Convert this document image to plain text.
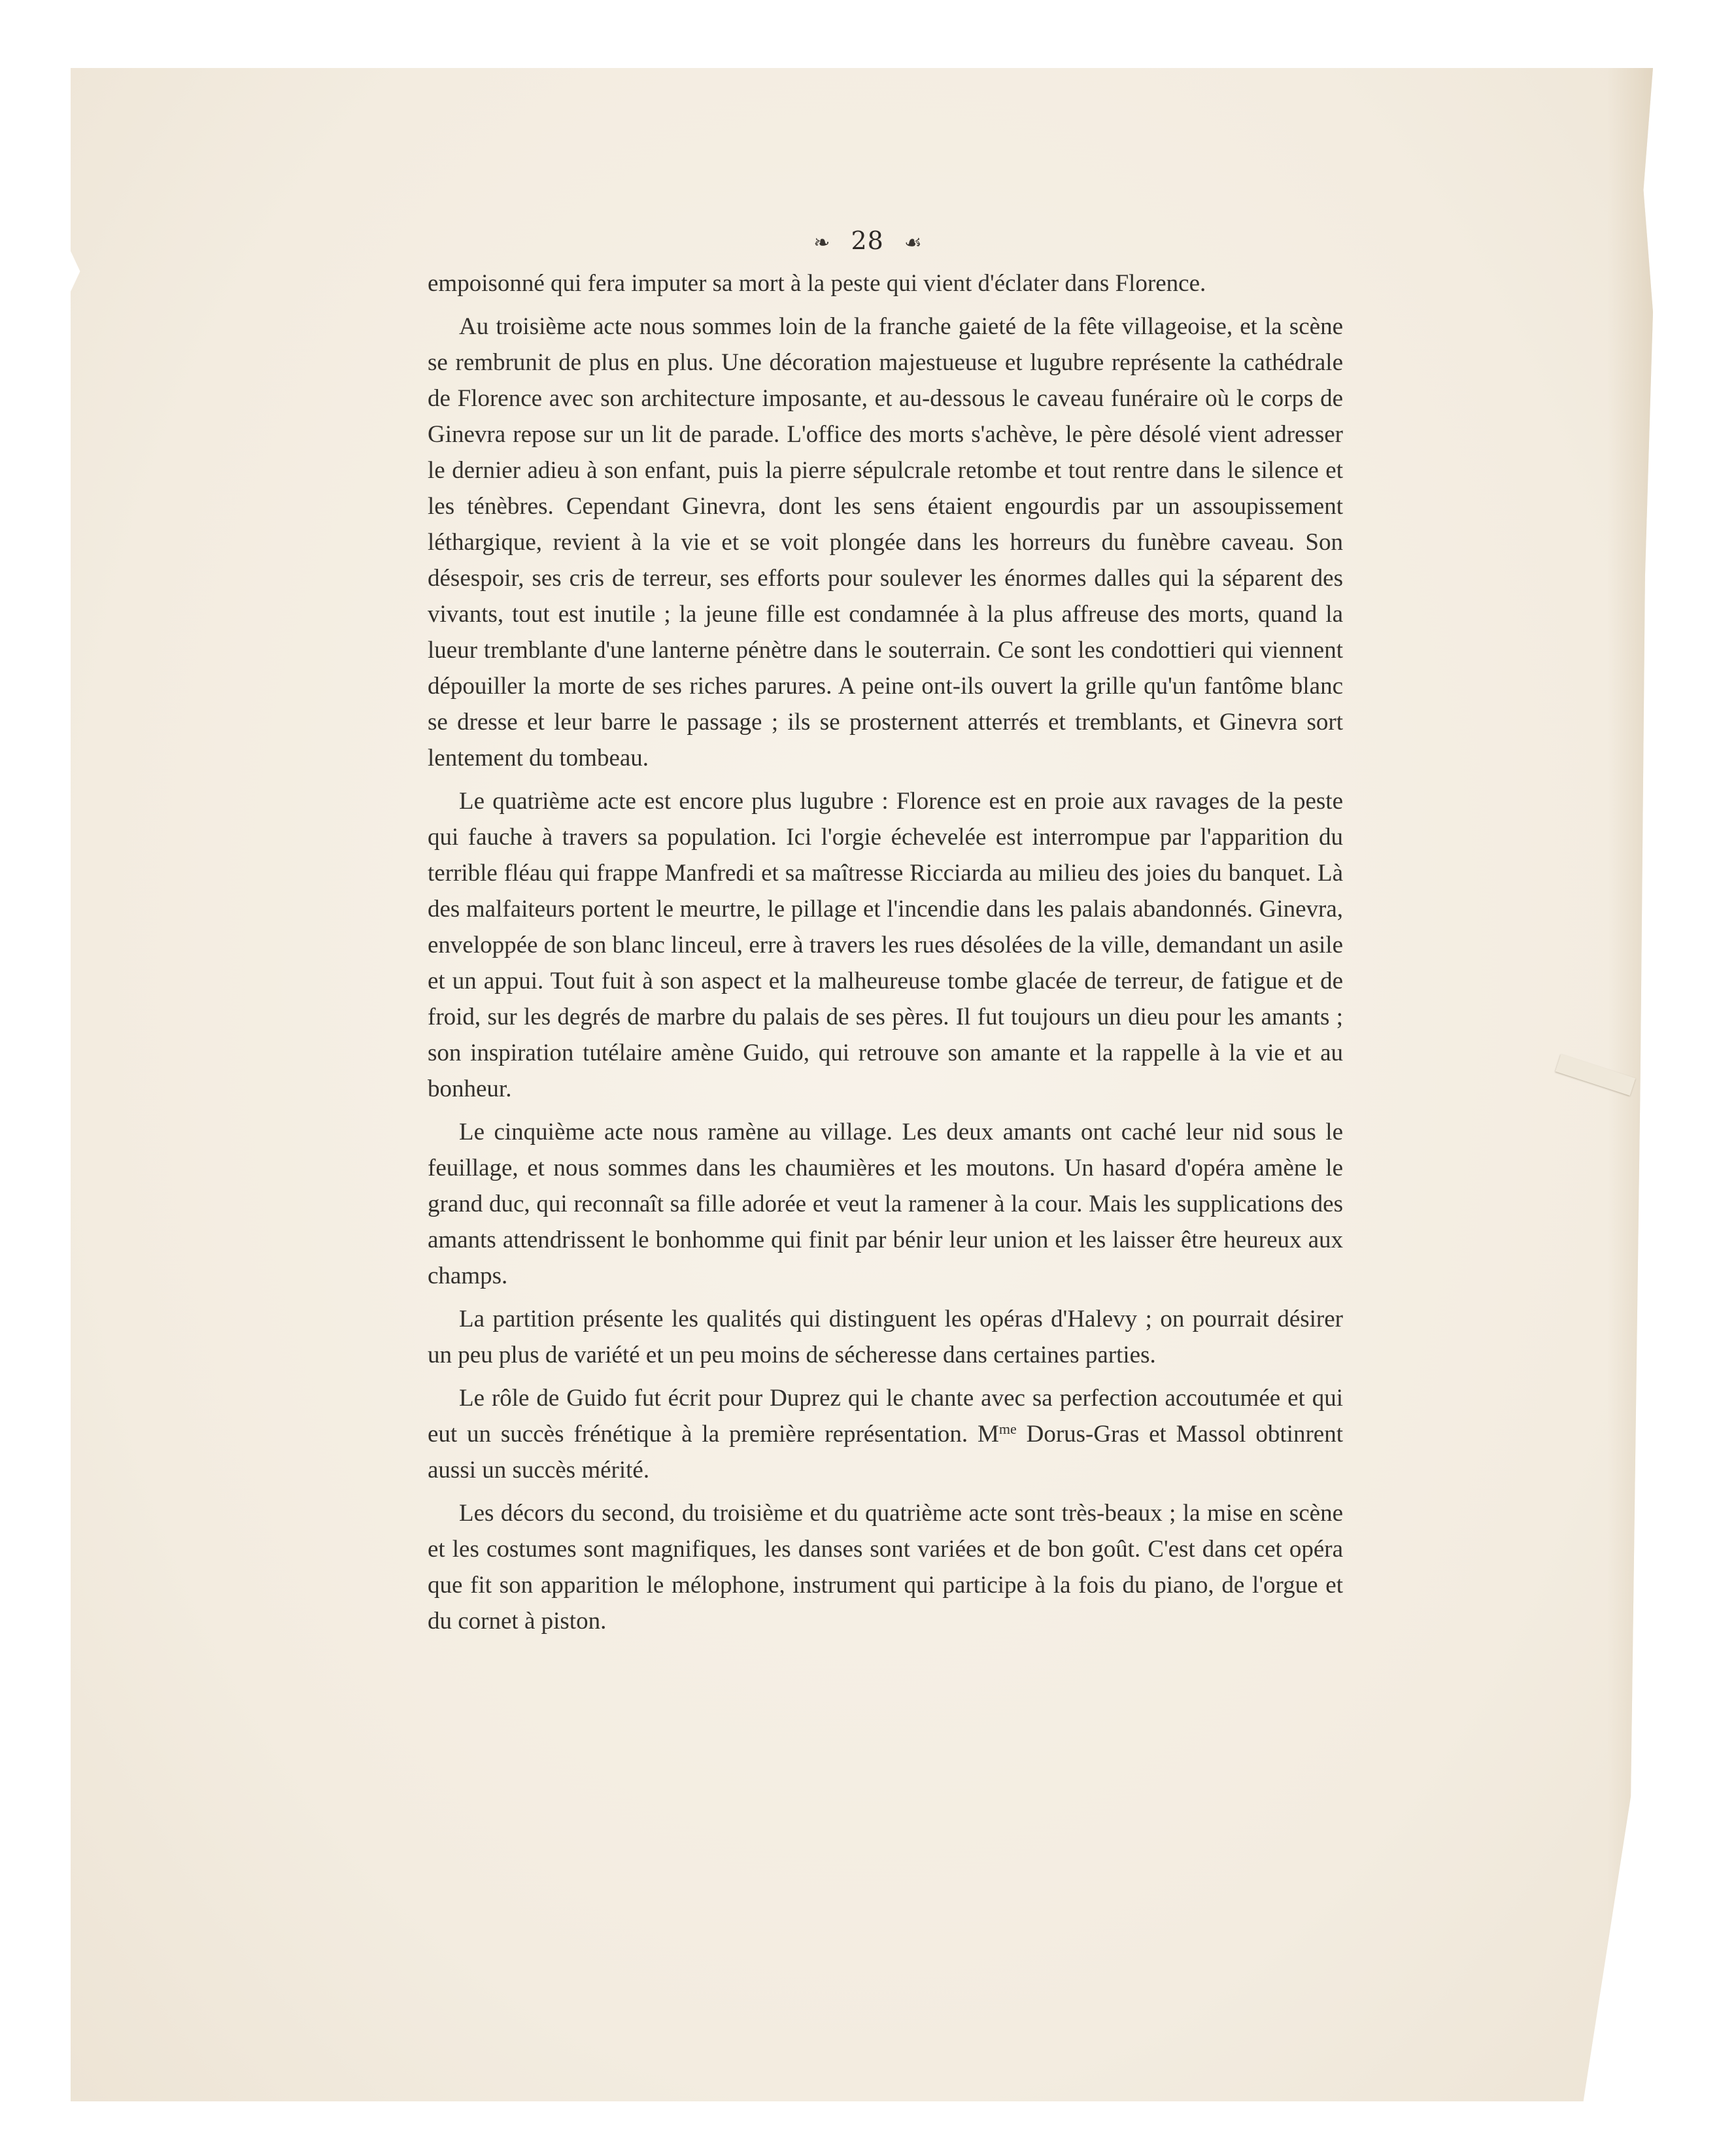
❧ 28 ☙

empoisonné qui fera imputer sa mort à la peste qui vient d'éclater dans Florence.

Au troisième acte nous sommes loin de la franche gaieté de la fête villageoise, et la scène se rembrunit de plus en plus. Une décoration majestueuse et lugubre représente la cathédrale de Florence avec son architecture imposante, et au-dessous le caveau funéraire où le corps de Ginevra repose sur un lit de parade. L'office des morts s'achève, le père désolé vient adresser le dernier adieu à son enfant, puis la pierre sépulcrale retombe et tout rentre dans le silence et les ténèbres. Cependant Ginevra, dont les sens étaient engourdis par un assoupissement léthargique, revient à la vie et se voit plongée dans les horreurs du funèbre caveau. Son désespoir, ses cris de terreur, ses efforts pour soulever les énormes dalles qui la séparent des vivants, tout est inutile ; la jeune fille est condamnée à la plus affreuse des morts, quand la lueur tremblante d'une lanterne pénètre dans le souterrain. Ce sont les condottieri qui viennent dépouiller la morte de ses riches parures. A peine ont-ils ouvert la grille qu'un fantôme blanc se dresse et leur barre le passage ; ils se prosternent atterrés et tremblants, et Ginevra sort lentement du tombeau.

Le quatrième acte est encore plus lugubre : Florence est en proie aux ravages de la peste qui fauche à travers sa population. Ici l'orgie échevelée est interrompue par l'apparition du terrible fléau qui frappe Manfredi et sa maîtresse Ricciarda au milieu des joies du banquet. Là des malfaiteurs portent le meurtre, le pillage et l'incendie dans les palais abandonnés. Ginevra, enveloppée de son blanc linceul, erre à travers les rues désolées de la ville, demandant un asile et un appui. Tout fuit à son aspect et la malheureuse tombe glacée de terreur, de fatigue et de froid, sur les degrés de marbre du palais de ses pères. Il fut toujours un dieu pour les amants ; son inspiration tutélaire amène Guido, qui retrouve son amante et la rappelle à la vie et au bonheur.

Le cinquième acte nous ramène au village. Les deux amants ont caché leur nid sous le feuillage, et nous sommes dans les chaumières et les moutons. Un hasard d'opéra amène le grand duc, qui reconnaît sa fille adorée et veut la ramener à la cour. Mais les supplications des amants attendrissent le bonhomme qui finit par bénir leur union et les laisser être heureux aux champs.

La partition présente les qualités qui distinguent les opéras d'Halevy ; on pourrait désirer un peu plus de variété et un peu moins de sécheresse dans certaines parties.

Le rôle de Guido fut écrit pour Duprez qui le chante avec sa perfection accoutumée et qui eut un succès frénétique à la première représentation. $M^{me}$ Dorus-Gras et Massol obtinrent aussi un succès mérité.

Les décors du second, du troisième et du quatrième acte sont très-beaux ; la mise en scène et les costumes sont magnifiques, les danses sont variées et de bon goût. C'est dans cet opéra que fit son apparition le mélophone, instrument qui participe à la fois du piano, de l'orgue et du cornet à piston.
